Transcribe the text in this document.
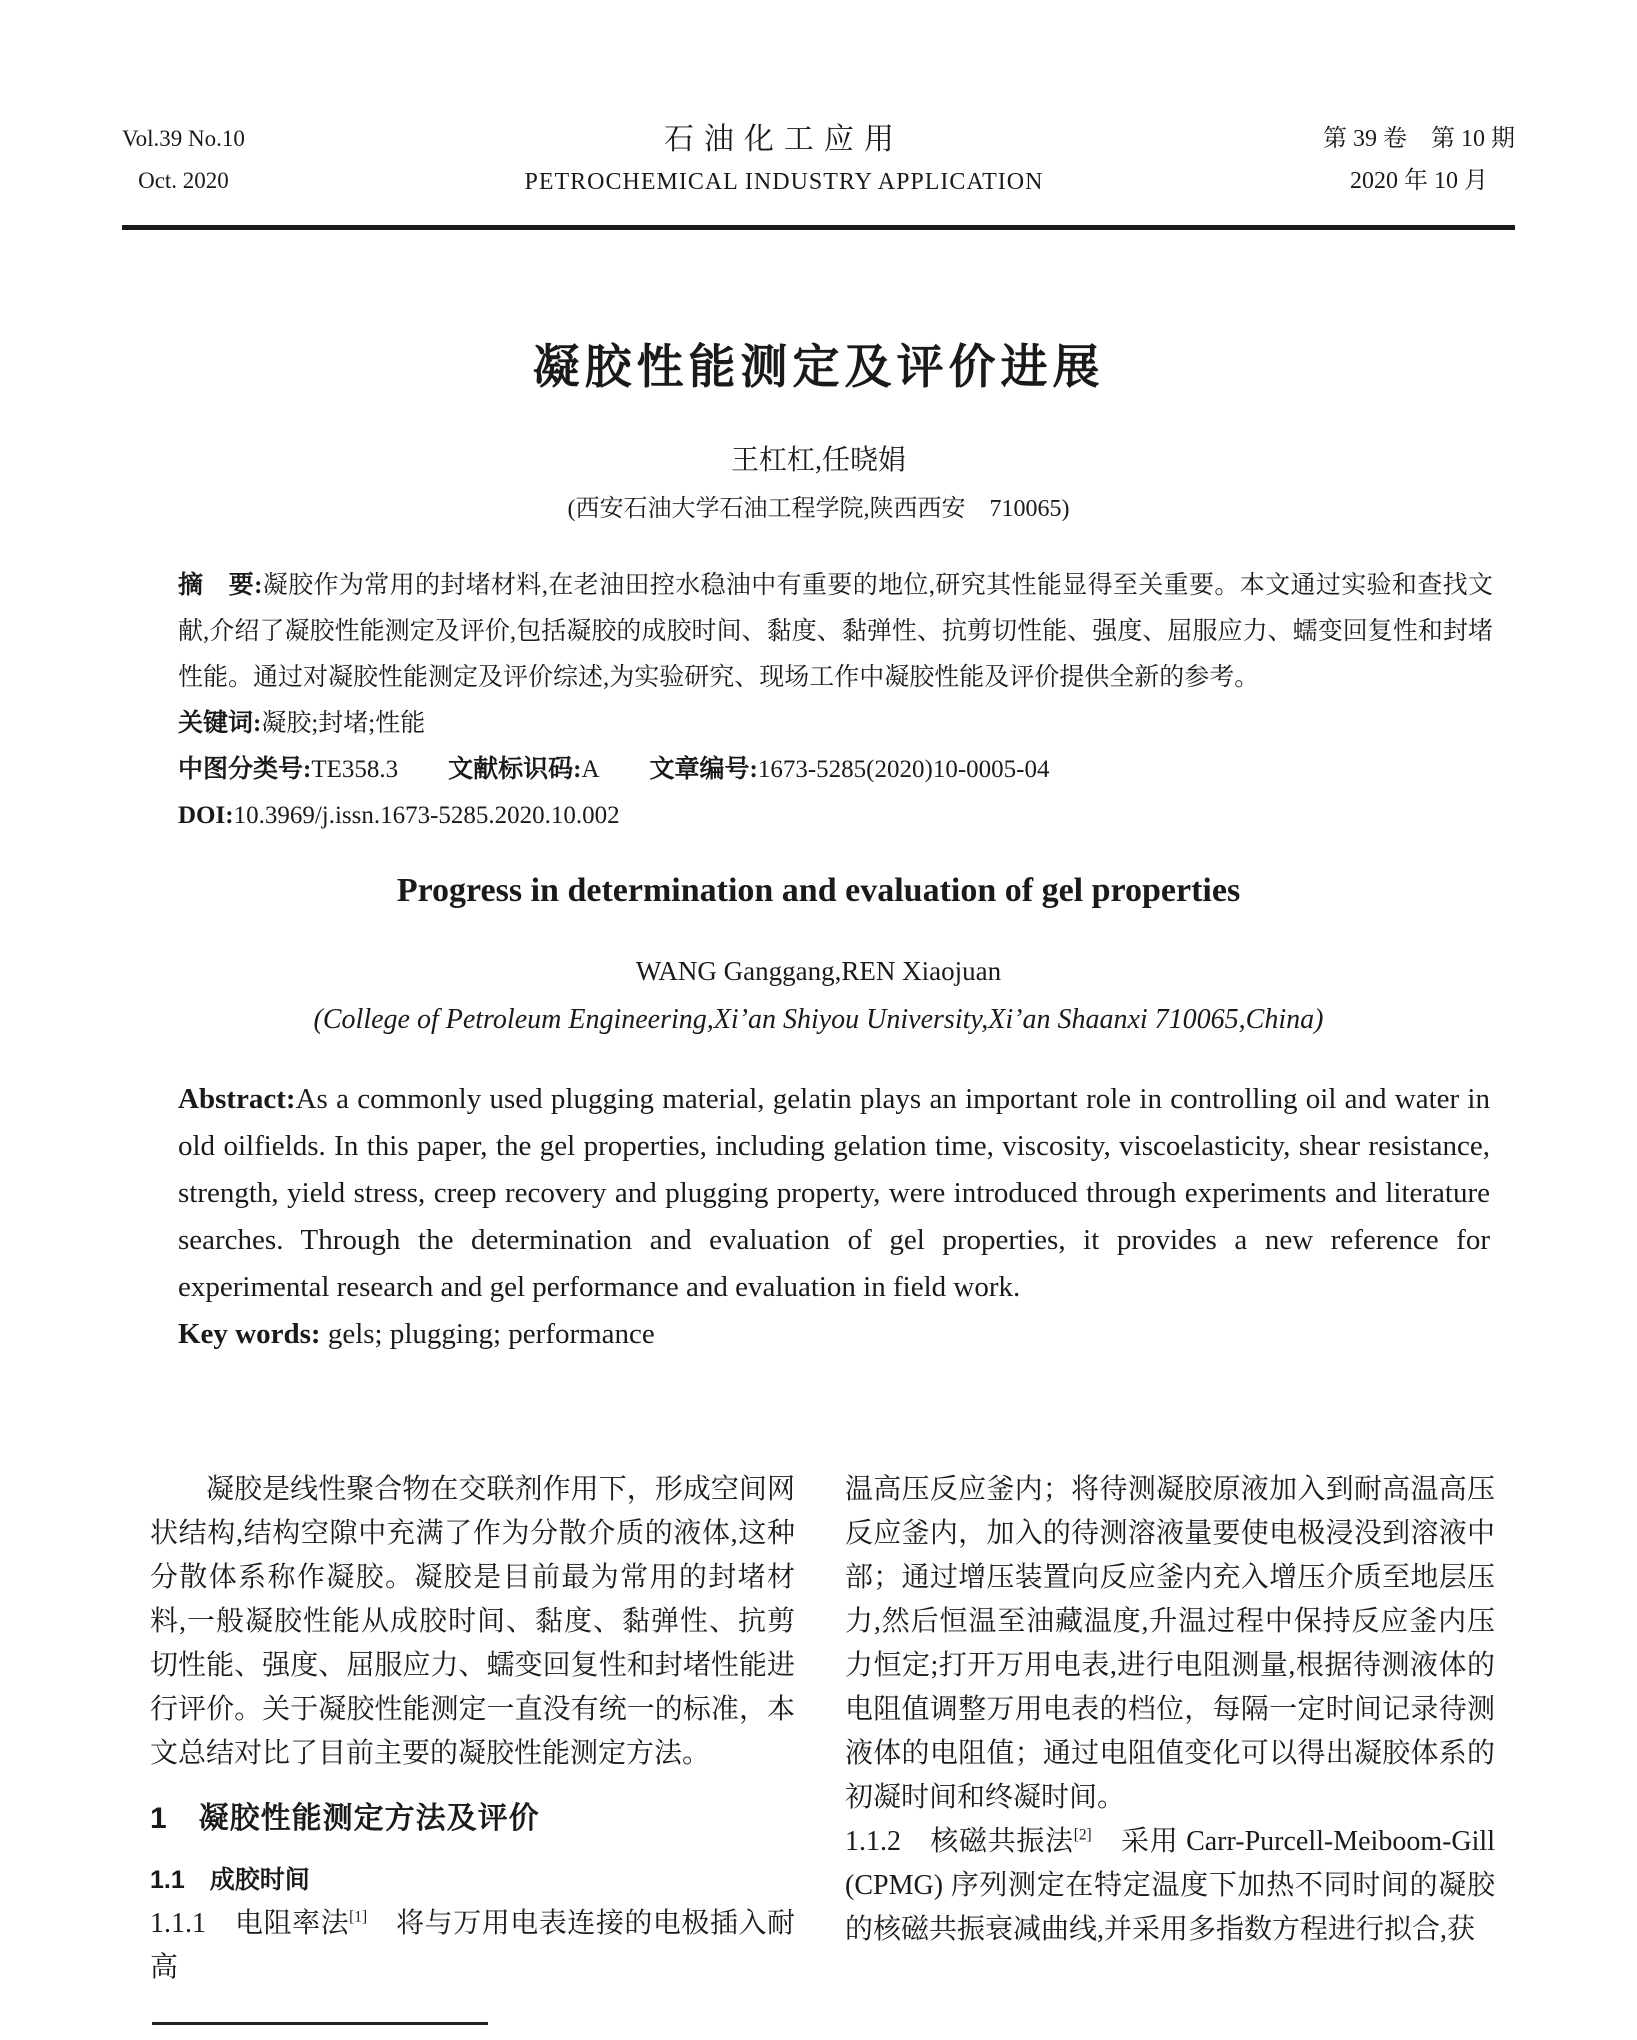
Vol.39 No.10
Oct. 2020
石油化工应用
PETROCHEMICAL INDUSTRY APPLICATION
第 39 卷　第 10 期
2020 年 10 月
凝胶性能测定及评价进展
王杠杠,任晓娟
(西安石油大学石油工程学院,陕西西安　710065)

摘　要:凝胶作为常用的封堵材料,在老油田控水稳油中有重要的地位,研究其性能显得至关重要。本文通过实验和查找文献,介绍了凝胶性能测定及评价,包括凝胶的成胶时间、黏度、黏弹性、抗剪切性能、强度、屈服应力、蠕变回复性和封堵性能。通过对凝胶性能测定及评价综述,为实验研究、现场工作中凝胶性能及评价提供全新的参考。

关键词:凝胶;封堵;性能

中图分类号:TE358.3 文献标识码:A 文章编号:1673-5285(2020)10-0005-04

DOI:10.3969/j.issn.1673-5285.2020.10.002

Progress in determination and evaluation of gel properties
WANG Ganggang,REN Xiaojuan
(College of Petroleum Engineering,Xi’an Shiyou University,Xi’an Shaanxi 710065,China)

Abstract:As a commonly used plugging material, gelatin plays an important role in controlling oil and water in old oilfields. In this paper, the gel properties, including gelation time, viscosity, viscoelasticity, shear resistance, strength, yield stress, creep recovery and plugging property, were introduced through experiments and literature searches. Through the determination and evaluation of gel properties, it provides a new reference for experimental research and gel performance and evaluation in field work.

Key words: gels; plugging; performance

凝胶是线性聚合物在交联剂作用下，形成空间网状结构,结构空隙中充满了作为分散介质的液体,这种分散体系称作凝胶。凝胶是目前最为常用的封堵材料,一般凝胶性能从成胶时间、黏度、黏弹性、抗剪切性能、强度、屈服应力、蠕变回复性和封堵性能进行评价。关于凝胶性能测定一直没有统一的标准，本文总结对比了目前主要的凝胶性能测定方法。

1　凝胶性能测定方法及评价
1.1　成胶时间

1.1.1　电阻率法[1]　将与万用电表连接的电极插入耐高

温高压反应釜内；将待测凝胶原液加入到耐高温高压反应釜内，加入的待测溶液量要使电极浸没到溶液中部；通过增压装置向反应釜内充入增压介质至地层压力,然后恒温至油藏温度,升温过程中保持反应釜内压力恒定;打开万用电表,进行电阻测量,根据待测液体的电阻值调整万用电表的档位，每隔一定时间记录待测液体的电阻值；通过电阻值变化可以得出凝胶体系的初凝时间和终凝时间。

1.1.2　核磁共振法[2]　采用 Carr-Purcell-Meiboom-Gill (CPMG) 序列测定在特定温度下加热不同时间的凝胶的核磁共振衰减曲线,并采用多指数方程进行拟合,获
